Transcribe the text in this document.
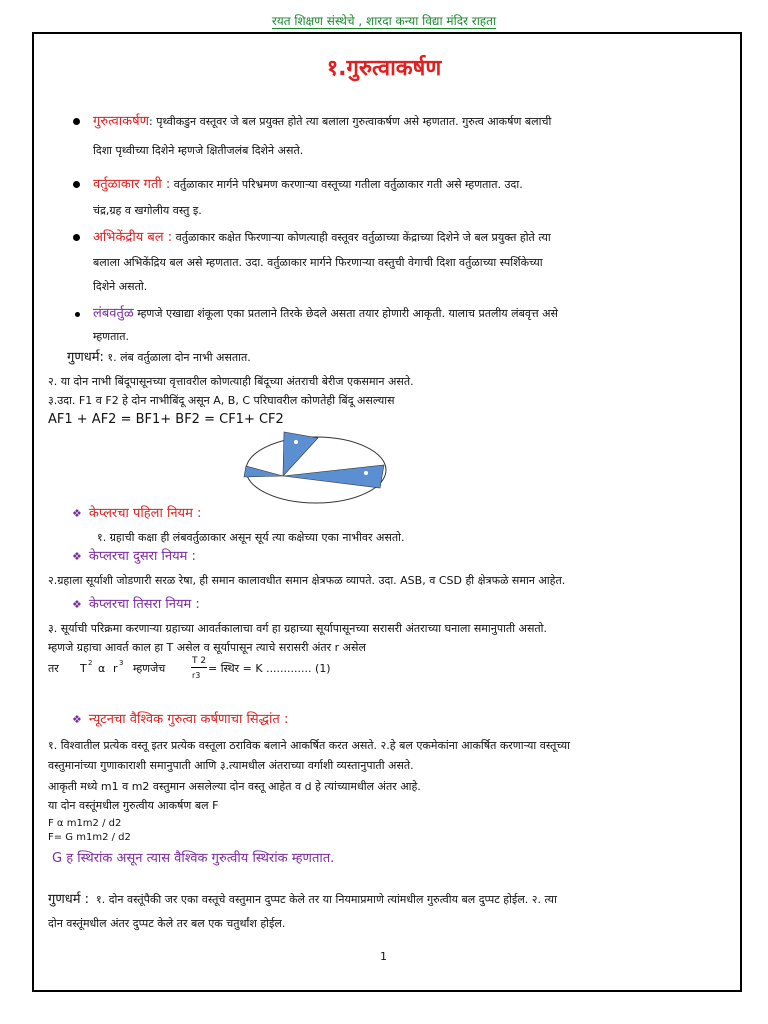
रयत शिक्षण संस्थेचे , शारदा कन्या विद्या मंदिर राहता
१.गुरुत्वाकर्षण
गुरुत्वाकर्षण: पृथ्वीकडुन वस्तूवर जे बल प्रयुक्त होते त्या बलाला गुरुत्वाकर्षण असे म्हणतात. गुरुत्व आकर्षण बलाची
दिशा पृथ्वीच्या दिशेने म्हणजे क्षितीजलंब दिशेने असते.
वर्तुळाकार गती : वर्तुळाकार मार्गने परिभ्रमण करणाऱ्या वस्तूच्या गतीला वर्तुळाकार गती असे म्हणतात. उदा.
चंद्र,ग्रह व खगोलीय वस्तु इ.
अभिकेंद्रीय बल : वर्तुळाकार कक्षेत फिरणाऱ्या कोणत्याही वस्तूवर वर्तुळाच्या केंद्राच्या दिशेने जे बल प्रयुक्त होते त्या
बलाला अभिकेंद्रिय बल असे म्हणतात. उदा. वर्तुळाकार मार्गने फिरणाऱ्या वस्तुची वेगाची दिशा वर्तुळाच्या स्पर्शिकेच्या
दिशेने असतो.
लंबवर्तुळ म्हणजे एखाद्या शंकूला एका प्रतलाने तिरके छेदले असता तयार होणारी आकृती. यालाच प्रतलीय लंबवृत्त असे
म्हणतात.
गुणधर्म: १. लंब वर्तुळाला दोन नाभी असतात.
२. या दोन नाभी बिंदूपासूनच्या वृत्तावरील कोणत्याही बिंदूच्या अंतराची बेरीज एकसमान असते.
३.उदा. F1 व F2 हे दोन नाभीबिंदू असून A, B, C परिघावरील कोणतेही बिंदू असल्यास
AF1 + AF2 = BF1+ BF2 = CF1+ CF2
❖ केप्लरचा पहिला नियम :
१. ग्रहाची कक्षा ही लंबवर्तुळाकार असून सूर्य त्या कक्षेच्या एका नाभीवर असतो.
❖ केप्लरचा दुसरा नियम :
२.ग्रहाला सूर्याशी जोडणारी सरळ रेषा, ही समान कालावधीत समान क्षेत्रफळ व्यापते. उदा. ASB, व CSD ही क्षेत्रफळे समान आहेत.
❖ केप्लरचा तिसरा नियम :
३. सूर्याची परिक्रमा करणाऱ्या ग्रहाच्या आवर्तकालाचा वर्ग हा ग्रहाच्या सूर्यापासूनच्या सरासरी अंतराच्या घनाला समानुपाती असतो.
म्हणजे ग्रहाचा आवर्त काल हा T असेल व सूर्यापासून त्याचे सरासरी अंतर r असेल
तर T 2 α r 3 म्हणजेच
T 2
r3
= स्थिर = K ............. (1)
❖ न्यूटनचा वैश्विक गुरुत्वा कर्षणाचा सिद्धांत :
१. विश्वातील प्रत्येक वस्तू इतर प्रत्येक वस्तूला ठराविक बलाने आकर्षित करत असते. २.हे बल एकमेकांना आकर्षित करणाऱ्या वस्तूच्या
वस्तुमानांच्या गुणाकाराशी समानुपाती आणि ३.त्यामधील अंतराच्या वर्गाशी व्यस्तानुपाती असते.
आकृती मध्ये m1 व m2 वस्तुमान असलेल्या दोन वस्तू आहेत व d हे त्यांच्यामधील अंतर आहे.
या दोन वस्तूंमधील गुरुत्वीय आकर्षण बल F
F α m1m2 / d2
F= G m1m2 / d2
G ह स्थिरांक असून त्यास वैश्विक गुरुत्वीय स्थिरांक म्हणतात.
गुणधर्म : १. दोन वस्तूंपैकी जर एका वस्तूचे वस्तुमान दुप्पट केले तर या नियमाप्रमाणे त्यांमधील गुरुत्वीय बल दुप्पट होईल. २. त्या
दोन वस्तूंमधील अंतर दुप्पट केले तर बल एक चतुर्थांश होईल.
1
